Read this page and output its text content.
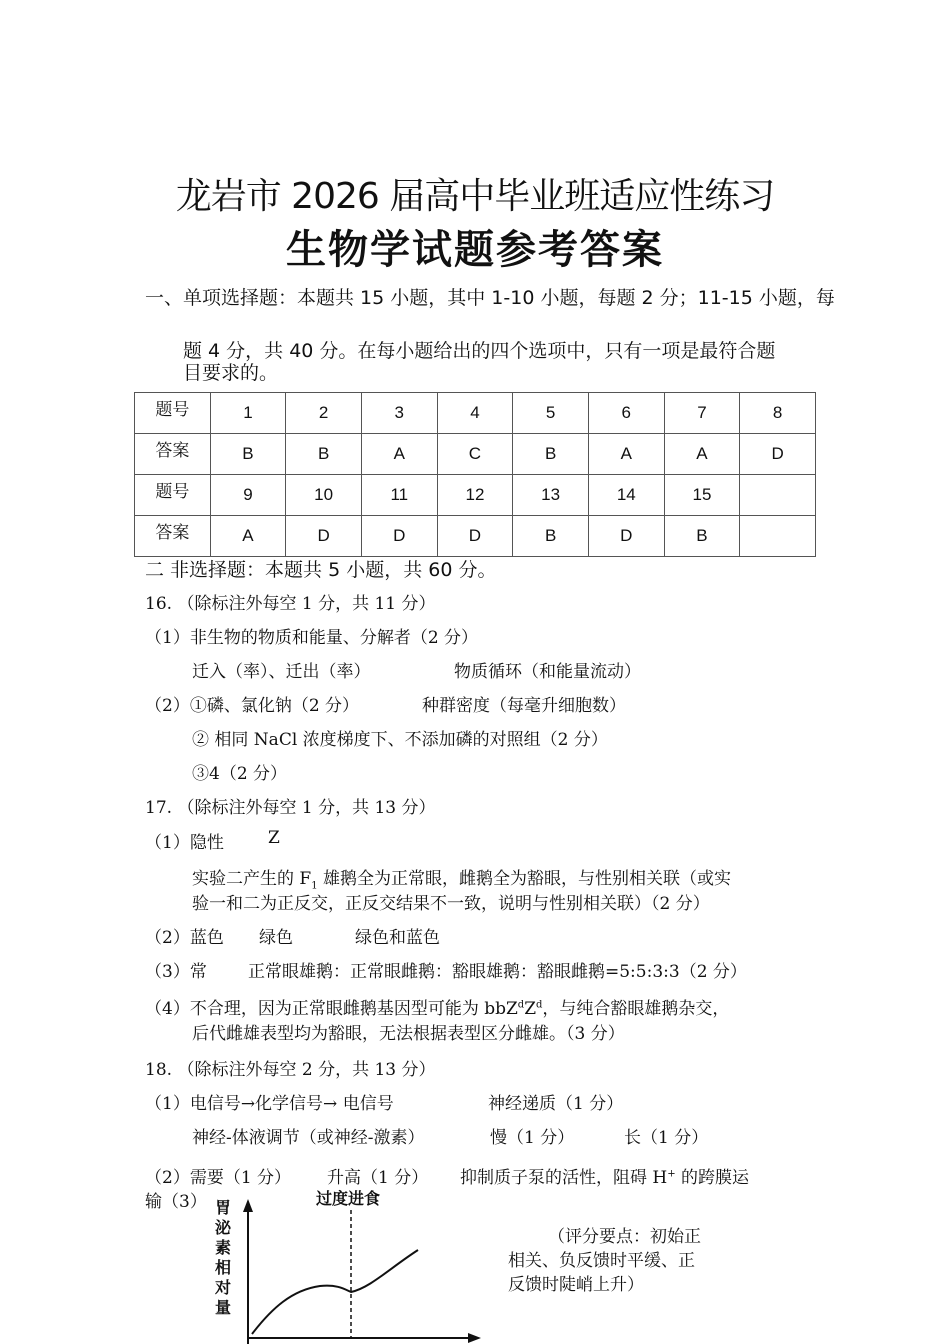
龙岩市 2026 届高中毕业班适应性练习
生物学试题参考答案
一、单项选择题：本题共 15 小题，其中 1-10 小题，每题 2 分；11-15 小题，每
题 4 分，共 40 分。在每小题给出的四个选项中，只有一项是最符合题
目要求的。
题号	1	2	3	4	5	6	7	8
答案	B	B	A	C	B	A	A	D
题号	9	10	11	12	13	14	15	
答案	A	D	D	D	B	D	B	
二 非选择题：本题共 5 小题，共 60 分。
16. （除标注外每空 1 分，共 11 分）
（1）非生物的物质和能量、分解者（2 分）
迁入（率）、迁出（率）	物质循环（和能量流动）
（2）①磷、氯化钠（2 分）	种群密度（每毫升细胞数）
② 相同 NaCl 浓度梯度下、不添加磷的对照组（2 分）
③4（2 分）
17. （除标注外每空 1 分，共 13 分）
（1）隐性	Z
实验二产生的 $F_1$ 雄鹅全为正常眼，雌鹅全为豁眼，与性别相关联（或实
验一和二为正反交，正反交结果不一致，说明与性别相关联）（2 分）
（2）蓝色 绿色	绿色和蓝色
（3）常 正常眼雄鹅：正常眼雌鹅：豁眼雄鹅：豁眼雌鹅=5:5:3:3（2 分）
（4）不合理，因为正常眼雌鹅基因型可能为 $bbZ^dZ^d$，与纯合豁眼雄鹅杂交，
后代雌雄表型均为豁眼，无法根据表型区分雌雄。（3 分）
18. （除标注外每空 2 分，共 13 分）
（1）电信号→化学信号→ 电信号	神经递质（1 分）
神经-体液调节（或神经-激素）	慢（1 分）	长（1 分）
（2）需要（1 分） 升高（1 分） 抑制质子泵的活性，阻碍 H+ 的跨膜运
输（3）
（评分要点：初始正
相关、负反馈时平缓、正
反馈时陡峭上升）
胃
泌
素
相
对
量
过度进食
